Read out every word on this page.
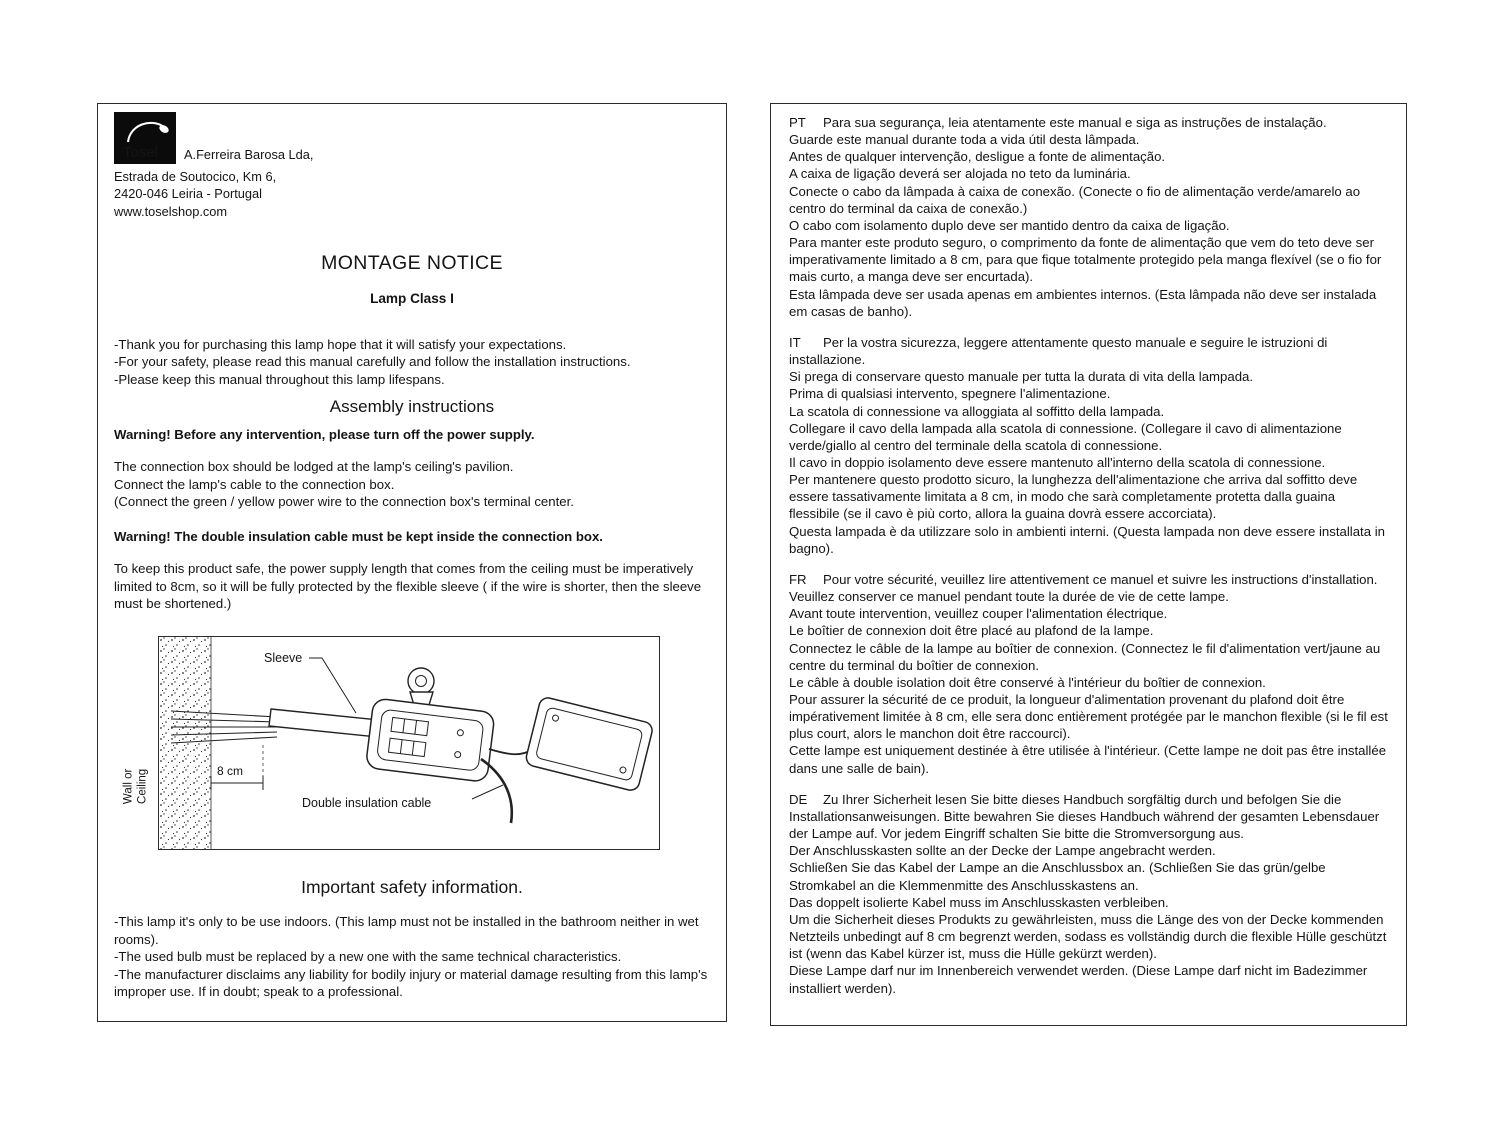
Tosel A.Ferreira Barosa Lda,
Estrada de Soutocico, Km 6,
2420-046 Leiria - Portugal
www.toselshop.com
MONTAGE NOTICE
Lamp Class I
-Thank you for purchasing this lamp hope that it will satisfy your expectations.
-For your safety, please read this manual carefully and follow the installation instructions.
-Please keep this manual throughout this lamp lifespans.
Assembly instructions
Warning! Before any intervention, please turn off the power supply.
The connection box should be lodged at the lamp's ceiling's pavilion.
Connect the lamp's cable to the connection box.
(Connect the green / yellow power wire to the connection box's terminal center.
Warning! The double insulation cable must be kept inside the connection box.
To keep this product safe, the power supply length that comes from the ceiling must be imperatively limited to 8cm, so it will be fully protected by the flexible sleeve ( if the wire is shorter, then the sleeve must be shortened.)
Wall or Ceiling
Sleeve
8 cm
Double insulation cable
Important safety information.
-This lamp it's only to be use indoors. (This lamp must not be installed in the bathroom neither in wet rooms).
-The used bulb must be replaced by a new one with the same technical characteristics.
-The manufacturer disclaims any liability for bodily injury or material damage resulting from this lamp's improper use. If in doubt; speak to a professional.
PT Para sua segurança, leia atentamente este manual e siga as instruções de instalação.
Guarde este manual durante toda a vida útil desta lâmpada.
Antes de qualquer intervenção, desligue a fonte de alimentação.
A caixa de ligação deverá ser alojada no teto da luminária.
Conecte o cabo da lâmpada à caixa de conexão. (Conecte o fio de alimentação verde/amarelo ao centro do terminal da caixa de conexão.)
O cabo com isolamento duplo deve ser mantido dentro da caixa de ligação.
Para manter este produto seguro, o comprimento da fonte de alimentação que vem do teto deve ser imperativamente limitado a 8 cm, para que fique totalmente protegido pela manga flexível (se o fio for mais curto, a manga deve ser encurtada).
Esta lâmpada deve ser usada apenas em ambientes internos. (Esta lâmpada não deve ser instalada em casas de banho).
IT Per la vostra sicurezza, leggere attentamente questo manuale e seguire le istruzioni di installazione.
Si prega di conservare questo manuale per tutta la durata di vita della lampada.
Prima di qualsiasi intervento, spegnere l'alimentazione.
La scatola di connessione va alloggiata al soffitto della lampada.
Collegare il cavo della lampada alla scatola di connessione. (Collegare il cavo di alimentazione verde/giallo al centro del terminale della scatola di connessione.
Il cavo in doppio isolamento deve essere mantenuto all'interno della scatola di connessione.
Per mantenere questo prodotto sicuro, la lunghezza dell'alimentazione che arriva dal soffitto deve essere tassativamente limitata a 8 cm, in modo che sarà completamente protetta dalla guaina flessibile (se il cavo è più corto, allora la guaina dovrà essere accorciata).
Questa lampada è da utilizzare solo in ambienti interni. (Questa lampada non deve essere installata in bagno).
FR Pour votre sécurité, veuillez lire attentivement ce manuel et suivre les instructions d'installation. Veuillez conserver ce manuel pendant toute la durée de vie de cette lampe.
Avant toute intervention, veuillez couper l'alimentation électrique.
Le boîtier de connexion doit être placé au plafond de la lampe.
Connectez le câble de la lampe au boîtier de connexion. (Connectez le fil d'alimentation vert/jaune au centre du terminal du boîtier de connexion.
Le câble à double isolation doit être conservé à l'intérieur du boîtier de connexion.
Pour assurer la sécurité de ce produit, la longueur d'alimentation provenant du plafond doit être impérativement limitée à 8 cm, elle sera donc entièrement protégée par le manchon flexible (si le fil est plus court, alors le manchon doit être raccourci).
Cette lampe est uniquement destinée à être utilisée à l'intérieur. (Cette lampe ne doit pas être installée dans une salle de bain).
DE Zu Ihrer Sicherheit lesen Sie bitte dieses Handbuch sorgfältig durch und befolgen Sie die Installationsanweisungen. Bitte bewahren Sie dieses Handbuch während der gesamten Lebensdauer der Lampe auf. Vor jedem Eingriff schalten Sie bitte die Stromversorgung aus.
Der Anschlusskasten sollte an der Decke der Lampe angebracht werden.
Schließen Sie das Kabel der Lampe an die Anschlussbox an. (Schließen Sie das grün/gelbe Stromkabel an die Klemmenmitte des Anschlusskastens an.
Das doppelt isolierte Kabel muss im Anschlusskasten verbleiben.
Um die Sicherheit dieses Produkts zu gewährleisten, muss die Länge des von der Decke kommenden Netzteils unbedingt auf 8 cm begrenzt werden, sodass es vollständig durch die flexible Hülle geschützt ist (wenn das Kabel kürzer ist, muss die Hülle gekürzt werden).
Diese Lampe darf nur im Innenbereich verwendet werden. (Diese Lampe darf nicht im Badezimmer installiert werden).
